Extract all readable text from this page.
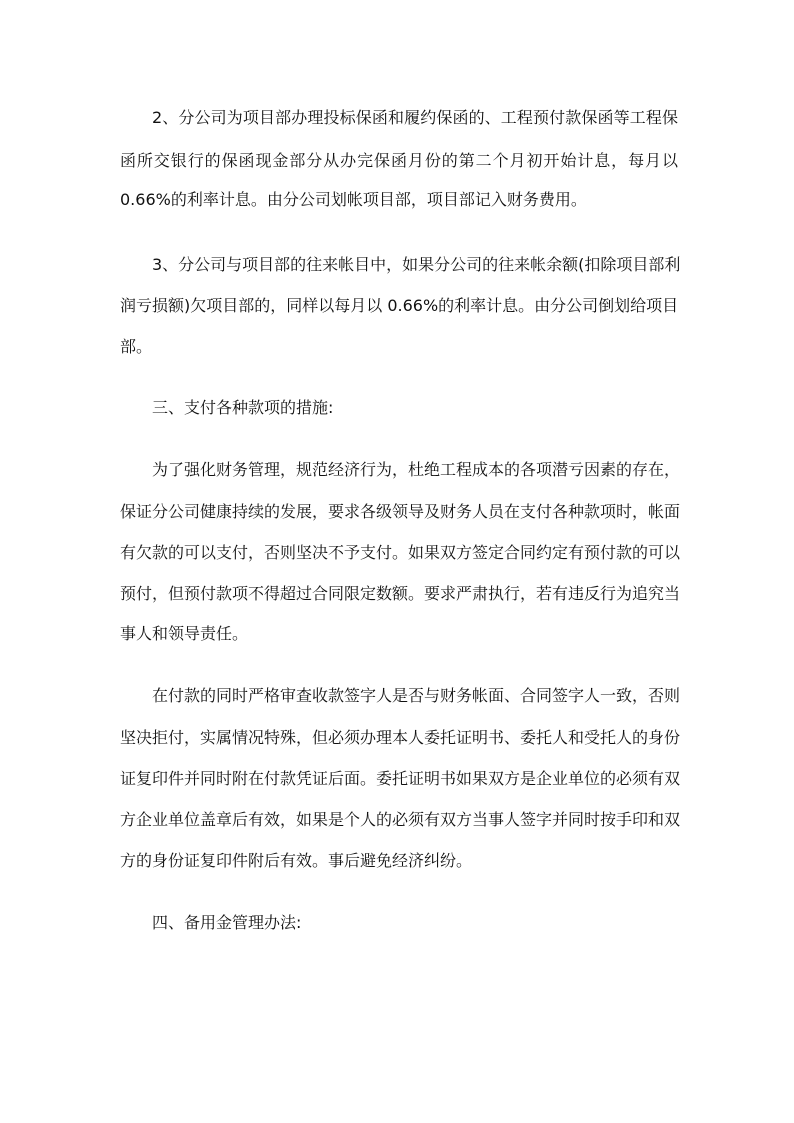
2、分公司为项目部办理投标保函和履约保函的、工程预付款保函等工程保
函所交银行的保函现金部分从办完保函月份的第二个月初开始计息，每月以
0.66%的利率计息。由分公司划帐项目部，项目部记入财务费用。
3、分公司与项目部的往来帐目中，如果分公司的往来帐余额(扣除项目部利
润亏损额)欠项目部的，同样以每月以 0.66%的利率计息。由分公司倒划给项目
部。
三、支付各种款项的措施:
为了强化财务管理，规范经济行为，杜绝工程成本的各项潜亏因素的存在，
保证分公司健康持续的发展，要求各级领导及财务人员在支付各种款项时，帐面
有欠款的可以支付，否则坚决不予支付。如果双方签定合同约定有预付款的可以
预付，但预付款项不得超过合同限定数额。要求严肃执行，若有违反行为追究当
事人和领导责任。
在付款的同时严格审查收款签字人是否与财务帐面、合同签字人一致，否则
坚决拒付，实属情况特殊，但必须办理本人委托证明书、委托人和受托人的身份
证复印件并同时附在付款凭证后面。委托证明书如果双方是企业单位的必须有双
方企业单位盖章后有效，如果是个人的必须有双方当事人签字并同时按手印和双
方的身份证复印件附后有效。事后避免经济纠纷。
四、备用金管理办法:
